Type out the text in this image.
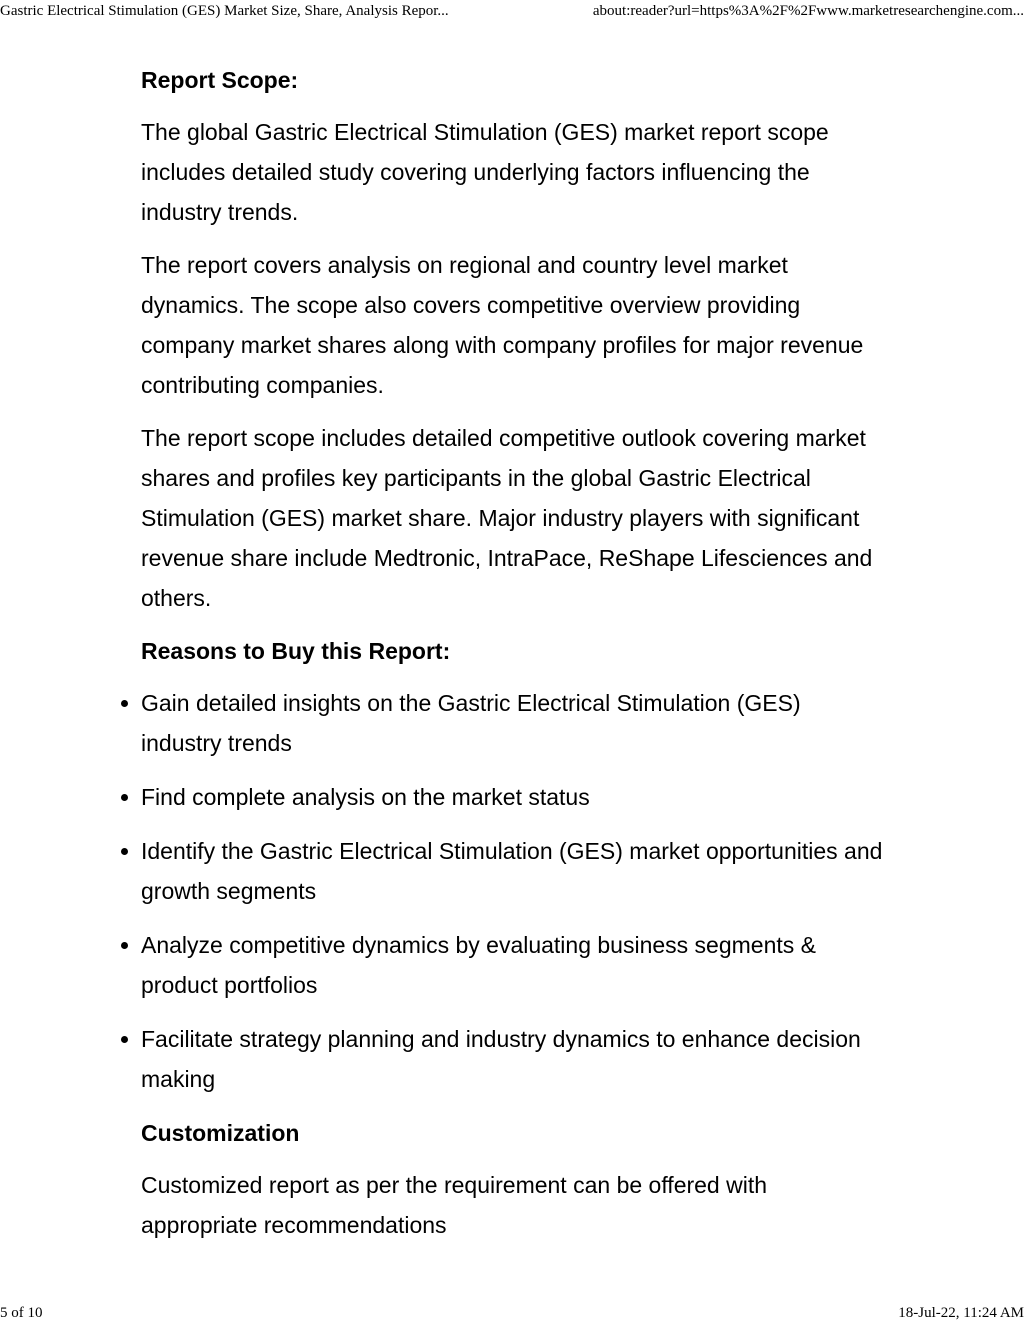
Gastric Electrical Stimulation (GES) Market Size, Share, Analysis Repor...	about:reader?url=https%3A%2F%2Fwww.marketresearchengine.com...
Report Scope:

The global Gastric Electrical Stimulation (GES) market report scope includes detailed study covering underlying factors influencing the industry trends.

The report covers analysis on regional and country level market dynamics. The scope also covers competitive overview providing company market shares along with company profiles for major revenue contributing companies.

The report scope includes detailed competitive outlook covering market shares and profiles key participants in the global Gastric Electrical Stimulation (GES) market share. Major industry players with significant revenue share include Medtronic, IntraPace, ReShape Lifesciences and others.

Reasons to Buy this Report:
Gain detailed insights on the Gastric Electrical Stimulation (GES) industry trends
Find complete analysis on the market status
Identify the Gastric Electrical Stimulation (GES) market opportunities and growth segments
Analyze competitive dynamics by evaluating business segments & product portfolios
Facilitate strategy planning and industry dynamics to enhance decision making
Customization

Customized report as per the requirement can be offered with appropriate recommendations

5 of 10	18-Jul-22, 11:24 AM
